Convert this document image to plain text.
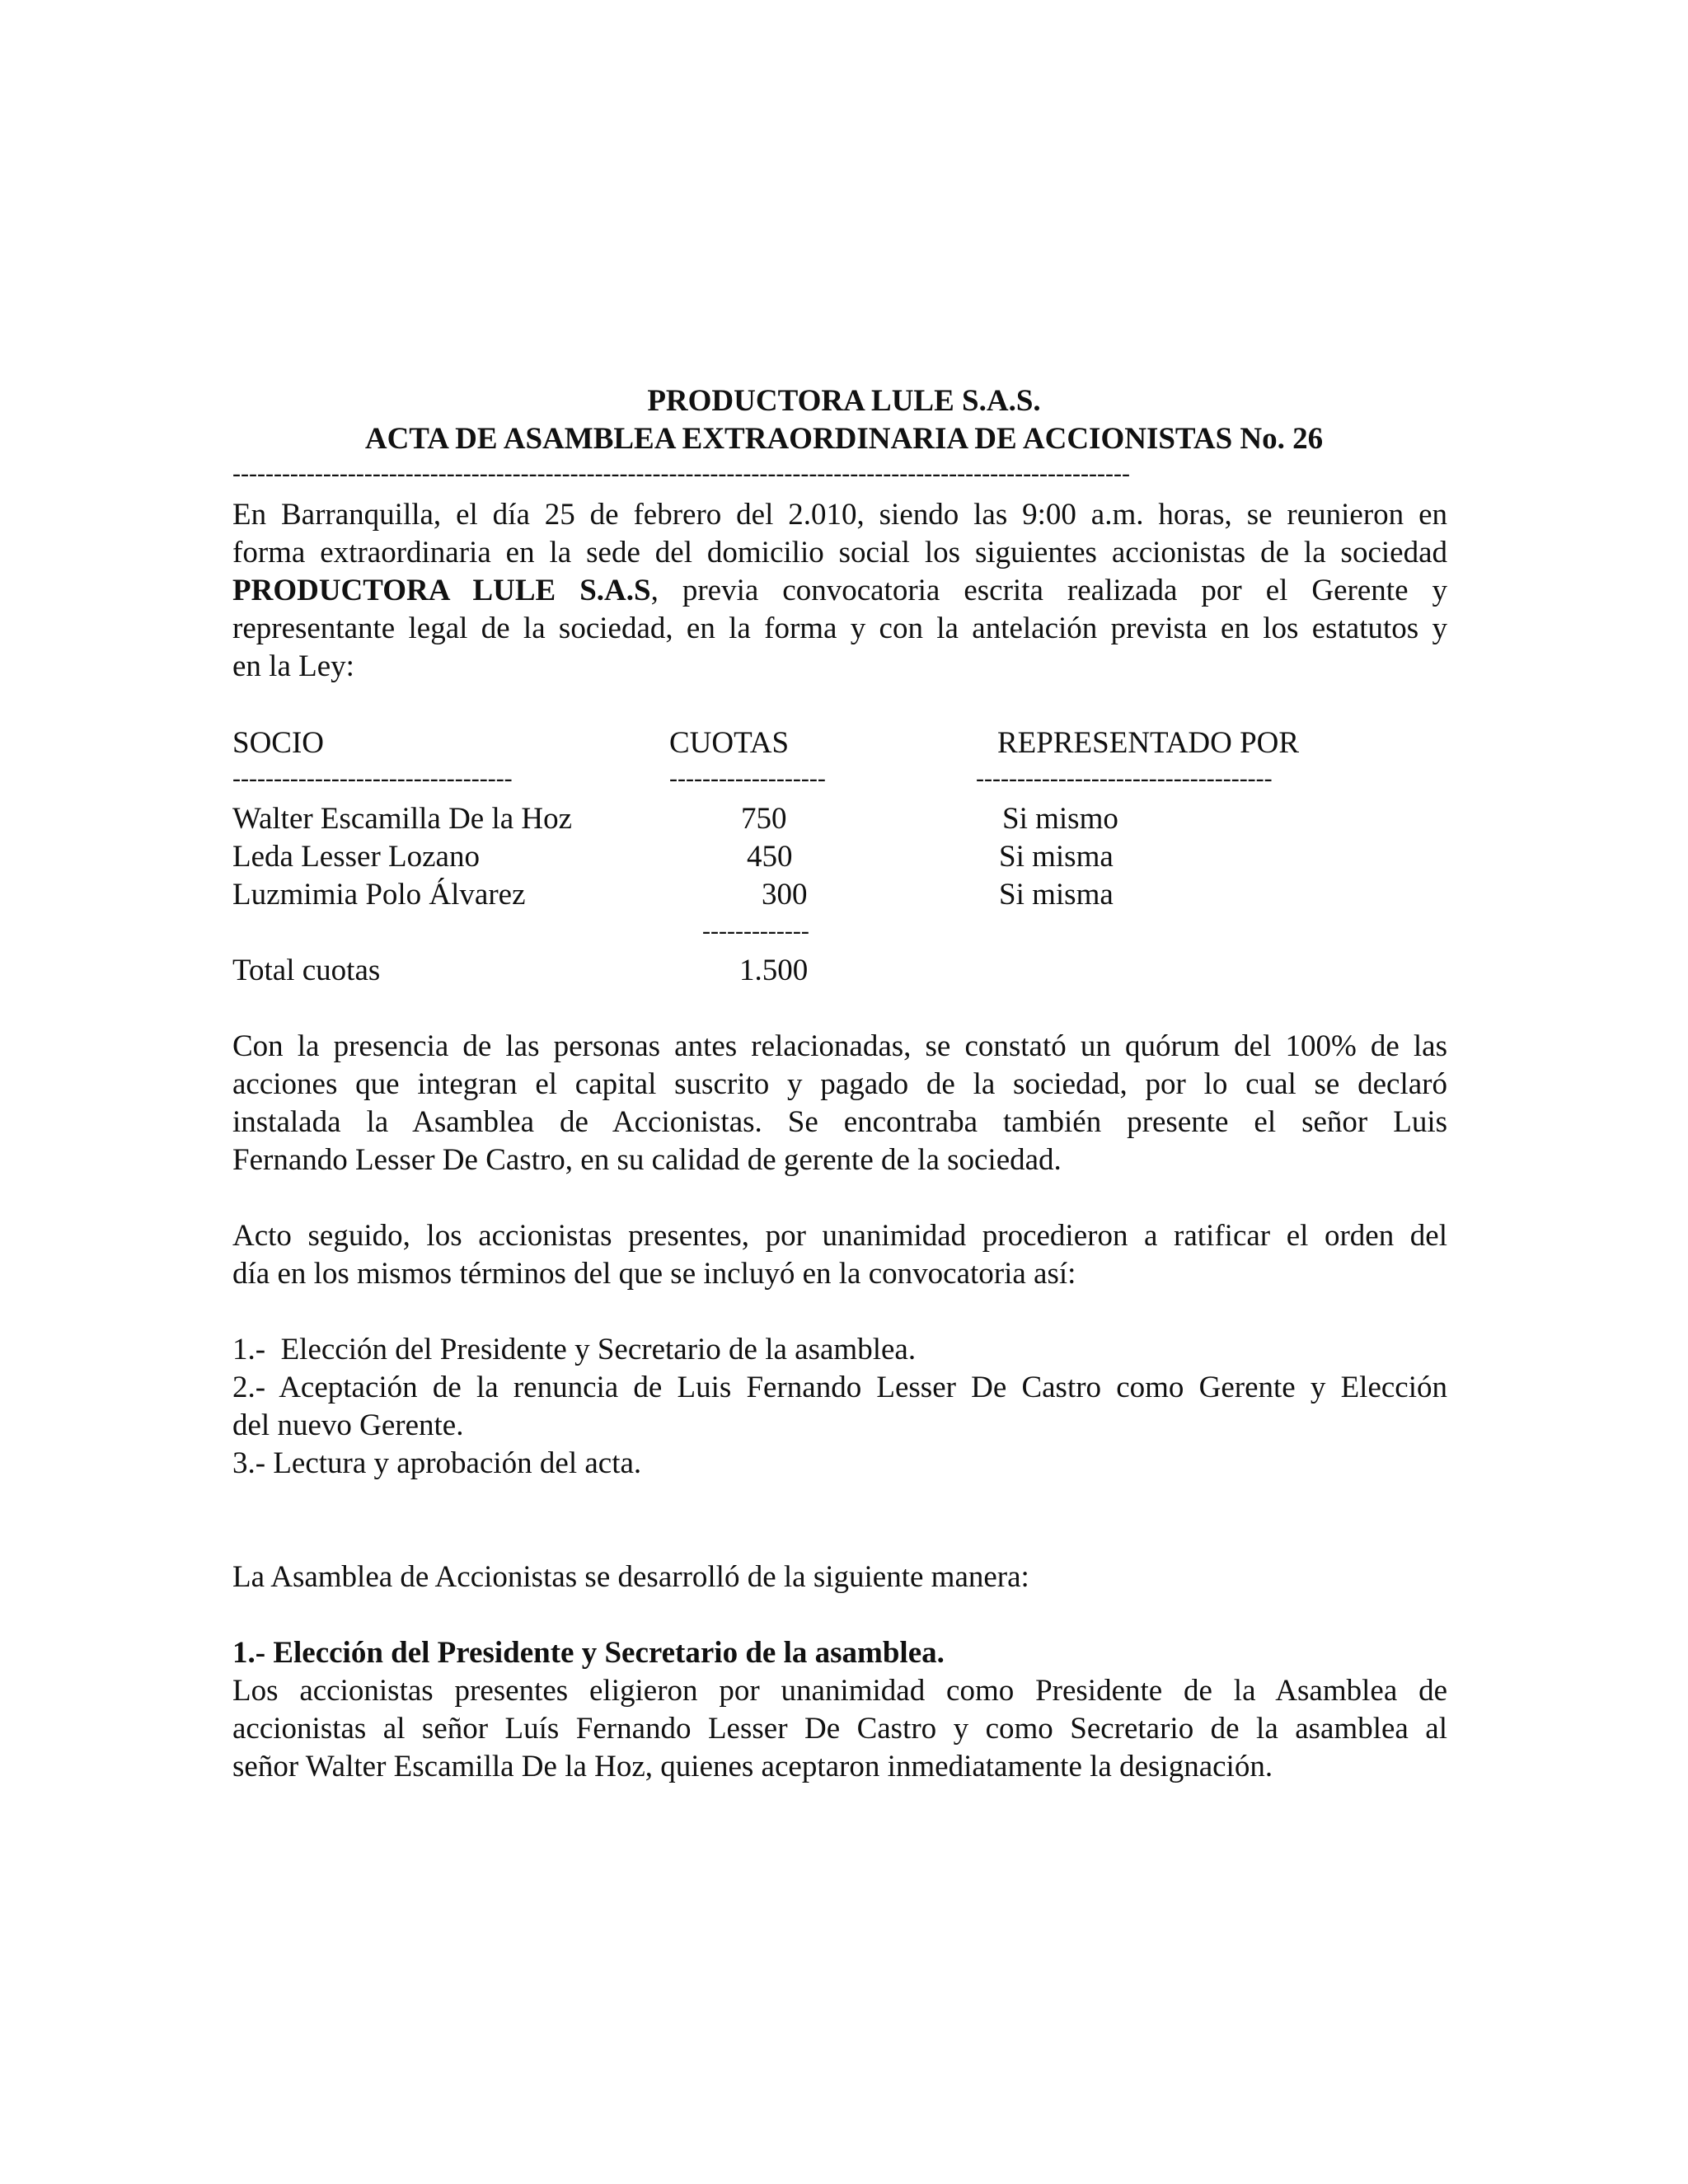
PRODUCTORA LULE S.A.S.
ACTA DE ASAMBLEA EXTRAORDINARIA DE ACCIONISTAS No. 26
-------------------------------------------------------------------------------------------------------------
En Barranquilla, el día 25 de febrero del 2.010, siendo las 9:00 a.m. horas, se reunieron en
forma extraordinaria en la sede del domicilio social los siguientes accionistas de la sociedad
PRODUCTORA LULE S.A.S, previa convocatoria escrita realizada por el Gerente y
representante legal de la sociedad, en la forma y con la antelación prevista en los estatutos y
en la Ley:
SOCIO	CUOTAS	REPRESENTADO POR
----------------------------------	-------------------	------------------------------------
Walter Escamilla De la Hoz	750	Si mismo
Leda Lesser Lozano	450	Si misma
Luzmimia Polo Álvarez	300	Si misma
-------------
Total cuotas	1.500
Con la presencia de las personas antes relacionadas, se constató un quórum del 100% de las
acciones que integran el capital suscrito y pagado de la sociedad, por lo cual se declaró
instalada la Asamblea de Accionistas. Se encontraba también presente el señor Luis
Fernando Lesser De Castro, en su calidad de gerente de la sociedad.
Acto seguido, los accionistas presentes, por unanimidad procedieron a ratificar el orden del
día en los mismos términos del que se incluyó en la convocatoria así:
1.-  Elección del Presidente y Secretario de la asamblea.
2.- Aceptación de la renuncia de Luis Fernando Lesser De Castro como Gerente y Elección
del nuevo Gerente.
3.- Lectura y aprobación del acta.
La Asamblea de Accionistas se desarrolló de la siguiente manera:
1.- Elección del Presidente y Secretario de la asamblea.
Los accionistas presentes eligieron por unanimidad como Presidente de la Asamblea de
accionistas al señor Luís Fernando Lesser De Castro y como Secretario de la asamblea al
señor Walter Escamilla De la Hoz, quienes aceptaron inmediatamente la designación.
